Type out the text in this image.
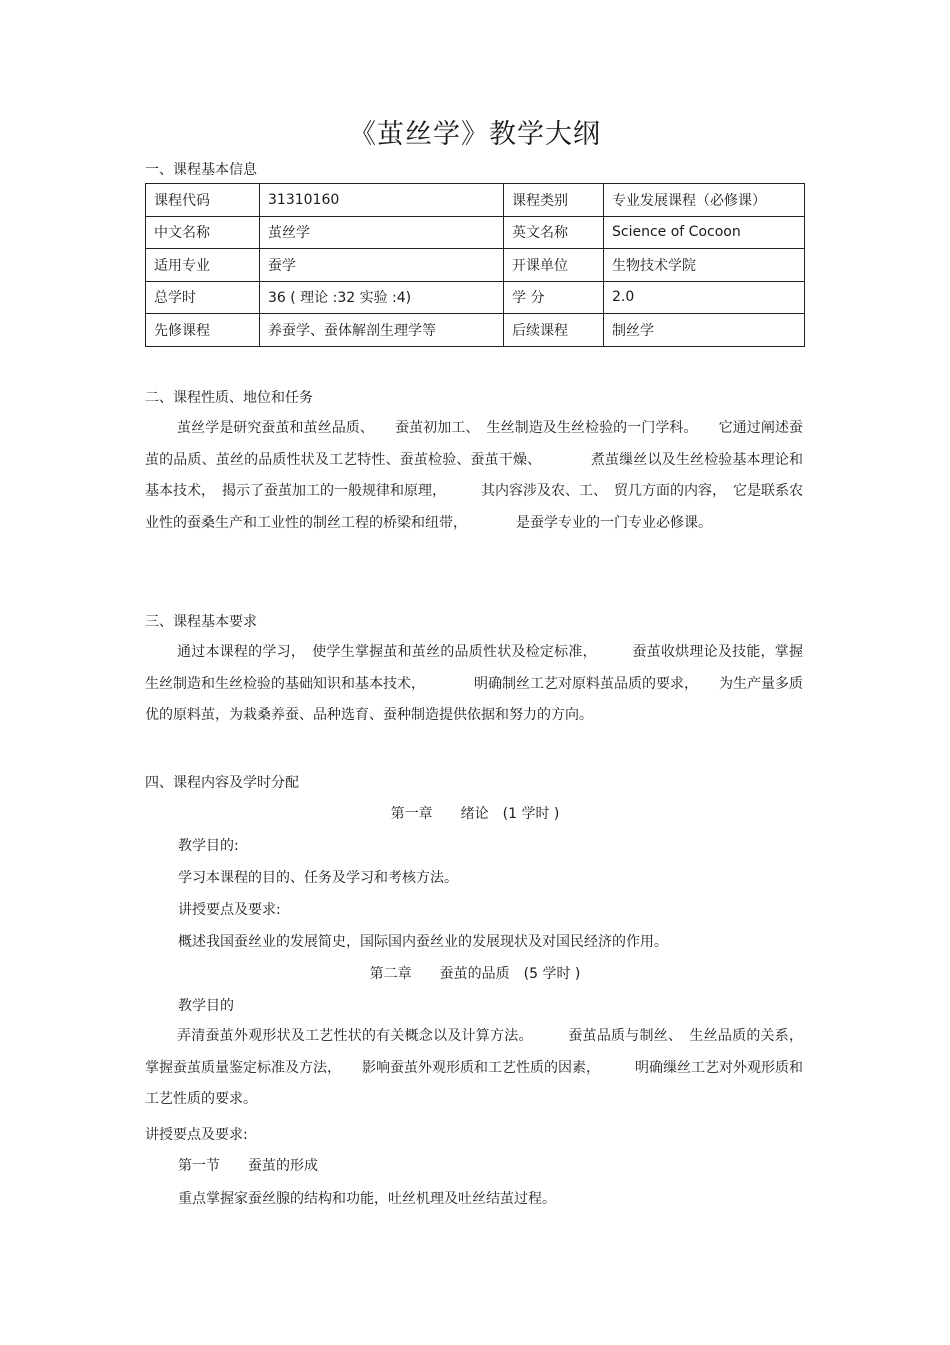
《茧丝学》教学大纲
一、课程基本信息
课程代码	31310160	课程类别	专业发展课程（必修课）
中文名称	茧丝学	英文名称	Science of Cocoon
适用专业	蚕学	开课单位	生物技术学院
总学时	36 ( 理论 :32 实验 :4)	学 分	2.0
先修课程	养蚕学、蚕体解剖生理学等	后续课程	制丝学
二、课程性质、地位和任务
茧丝学是研究蚕茧和茧丝品质、　　蚕茧初加工、　生丝制造及生丝检验的一门学科。　　它通过阐述蚕茧的品质、茧丝的品质性状及工艺特性、蚕茧检验、蚕茧干燥、　　　　煮茧缫丝以及生丝检验基本理论和基本技术，　揭示了蚕茧加工的一般规律和原理，　　　其内容涉及农、工、　贸几方面的内容，　它是联系农业性的蚕桑生产和工业性的制丝工程的桥梁和纽带，　　　　是蚕学专业的一门专业必修课。
三、课程基本要求
通过本课程的学习，　使学生掌握茧和茧丝的品质性状及检定标准，　　　蚕茧收烘理论及技能，掌握生丝制造和生丝检验的基础知识和基本技术，　　　　明确制丝工艺对原料茧品质的要求，　　为生产量多质优的原料茧，为栽桑养蚕、品种选育、蚕种制造提供依据和努力的方向。
四、课程内容及学时分配
第一章　　绪论　(1 学时 )
教学目的:
学习本课程的目的、任务及学习和考核方法。
讲授要点及要求:
概述我国蚕丝业的发展简史，国际国内蚕丝业的发展现状及对国民经济的作用。
第二章　　蚕茧的品质　(5 学时 )
教学目的
弄清蚕茧外观形状及工艺性状的有关概念以及计算方法。　　　蚕茧品质与制丝、　生丝品质的关系，掌握蚕茧质量鉴定标准及方法，　　影响蚕茧外观形质和工艺性质的因素，　　　明确缫丝工艺对外观形质和工艺性质的要求。
讲授要点及要求:
第一节　　蚕茧的形成
重点掌握家蚕丝腺的结构和功能，吐丝机理及吐丝结茧过程。
